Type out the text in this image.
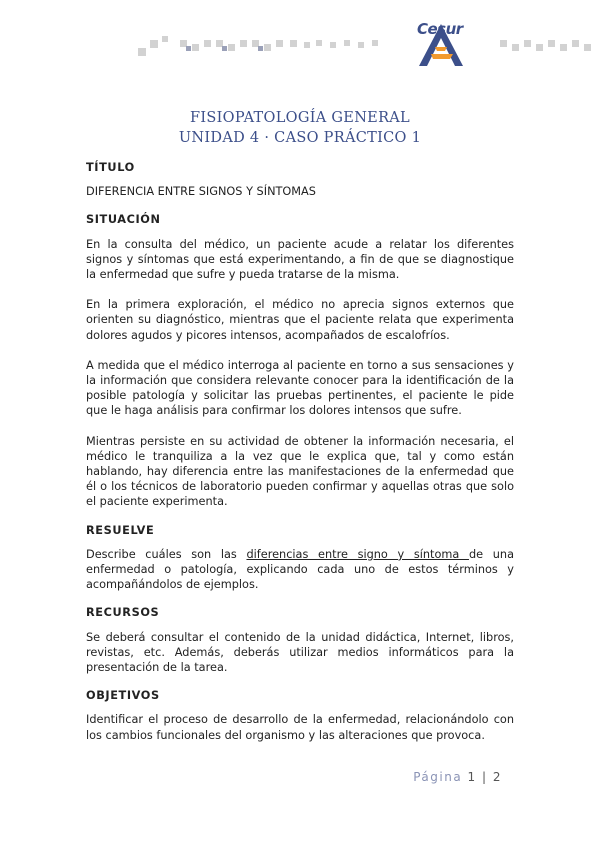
Cesur
FISIOPATOLOGÍA GENERAL
UNIDAD 4 · CASO PRÁCTICO 1
TÍTULO

DIFERENCIA ENTRE SIGNOS Y SÍNTOMAS

SITUACIÓN

En la consulta del médico, un paciente acude a relatar los diferentes signos y síntomas que está experimentando, a fin de que se diagnostique la enfermedad que sufre y pueda tratarse de la misma.

En la primera exploración, el médico no aprecia signos externos que orienten su diagnóstico, mientras que el paciente relata que experimenta dolores agudos y picores intensos, acompañados de escalofríos.

A medida que el médico interroga al paciente en torno a sus sensaciones y la información que considera relevante conocer para la identificación de la posible patología y solicitar las pruebas pertinentes, el paciente le pide que le haga análisis para confirmar los dolores intensos que sufre.

Mientras persiste en su actividad de obtener la información necesaria, el médico le tranquiliza a la vez que le explica que, tal y como están hablando, hay diferencia entre las manifestaciones de la enfermedad que él o los técnicos de laboratorio pueden confirmar y aquellas otras que solo el paciente experimenta.

RESUELVE

Describe cuáles son las diferencias entre signo y síntoma de una enfermedad o patología, explicando cada uno de estos términos y acompañándolos de ejemplos.

RECURSOS

Se deberá consultar el contenido de la unidad didáctica, Internet, libros, revistas, etc. Además, deberás utilizar medios informáticos para la presentación de la tarea.

OBJETIVOS

Identificar el proceso de desarrollo de la enfermedad, relacionándolo con los cambios funcionales del organismo y las alteraciones que provoca.

Página 1 | 2
